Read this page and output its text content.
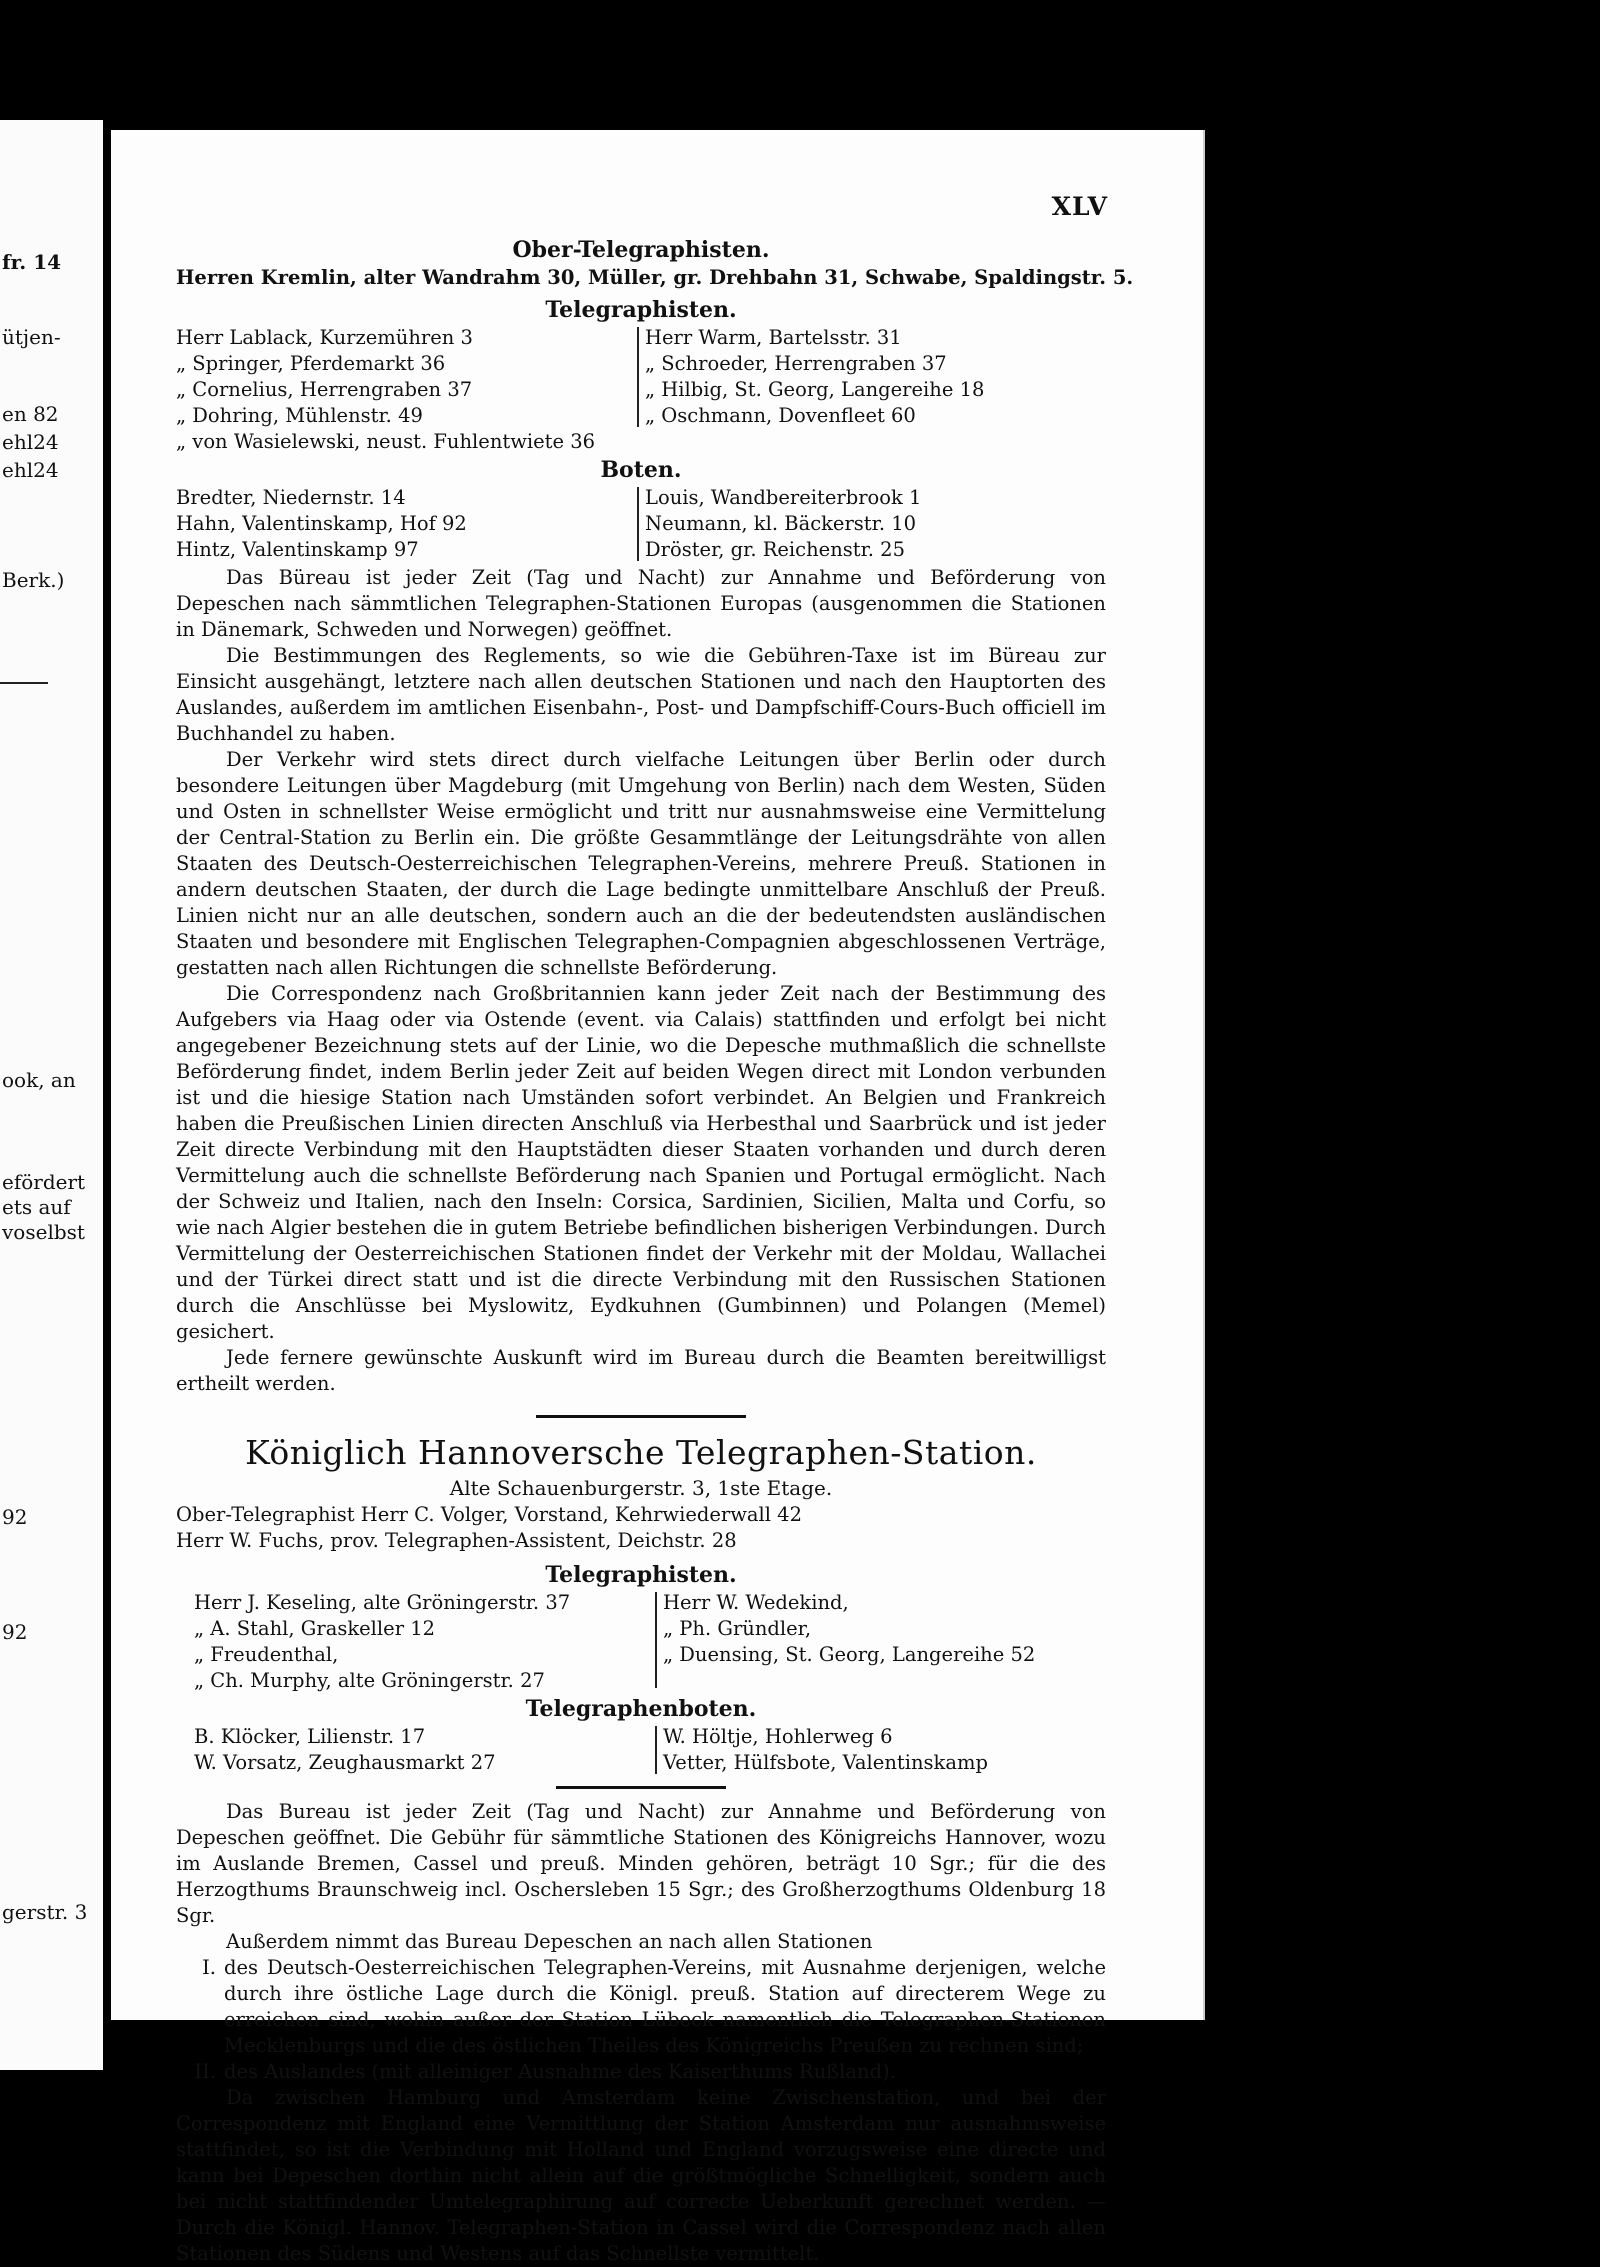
fr. 14
ütjen-
en 82
ehl24
ehl24
Berk.)
ook, an
efördert
ets auf
voselbst
92
92
gerstr. 3
XLV
Ober-Telegraphisten.
Herren Kremlin, alter Wandrahm 30, Müller, gr. Drehbahn 31, Schwabe, Spaldingstr. 5.
Telegraphisten.
Herr Lablack, Kurzemühren 3
„ Springer, Pferdemarkt 36
„ Cornelius, Herrengraben 37
„ Dohring, Mühlenstr. 49
„ von Wasielewski, neust. Fuhlentwiete 36
Herr Warm, Bartelsstr. 31
„ Schroeder, Herrengraben 37
„ Hilbig, St. Georg, Langereihe 18
„ Oschmann, Dovenfleet 60
Boten.
Bredter, Niedernstr. 14
Hahn, Valentinskamp, Hof 92
Hintz, Valentinskamp 97
Louis, Wandbereiterbrook 1
Neumann, kl. Bäckerstr. 10
Dröster, gr. Reichenstr. 25

Das Büreau ist jeder Zeit (Tag und Nacht) zur Annahme und Beförderung von Depeschen nach sämmtlichen Telegraphen-Stationen Europas (ausgenommen die Stationen in Dänemark, Schweden und Norwegen) geöffnet.

Die Bestimmungen des Reglements, so wie die Gebühren-Taxe ist im Büreau zur Einsicht ausgehängt, letztere nach allen deutschen Stationen und nach den Hauptorten des Auslandes, außerdem im amtlichen Eisenbahn-, Post- und Dampfschiff-Cours-Buch officiell im Buchhandel zu haben.

Der Verkehr wird stets direct durch vielfache Leitungen über Berlin oder durch besondere Leitungen über Magdeburg (mit Umgehung von Berlin) nach dem Westen, Süden und Osten in schnellster Weise ermöglicht und tritt nur ausnahmsweise eine Vermittelung der Central-Station zu Berlin ein. Die größte Gesammtlänge der Leitungsdrähte von allen Staaten des Deutsch-Oesterreichischen Telegraphen-Vereins, mehrere Preuß. Stationen in andern deutschen Staaten, der durch die Lage bedingte unmittelbare Anschluß der Preuß. Linien nicht nur an alle deutschen, sondern auch an die der bedeutendsten ausländischen Staaten und besondere mit Englischen Telegraphen-Compagnien abgeschlossenen Verträge, gestatten nach allen Richtungen die schnellste Beförderung.

Die Correspondenz nach Großbritannien kann jeder Zeit nach der Bestimmung des Aufgebers via Haag oder via Ostende (event. via Calais) stattfinden und erfolgt bei nicht angegebener Bezeichnung stets auf der Linie, wo die Depesche muthmaßlich die schnellste Beförderung findet, indem Berlin jeder Zeit auf beiden Wegen direct mit London verbunden ist und die hiesige Station nach Umständen sofort verbindet. An Belgien und Frankreich haben die Preußischen Linien directen Anschluß via Herbesthal und Saarbrück und ist jeder Zeit directe Verbindung mit den Hauptstädten dieser Staaten vorhanden und durch deren Vermittelung auch die schnellste Beförderung nach Spanien und Portugal ermöglicht. Nach der Schweiz und Italien, nach den Inseln: Corsica, Sardinien, Sicilien, Malta und Corfu, so wie nach Algier bestehen die in gutem Betriebe befindlichen bisherigen Verbindungen. Durch Vermittelung der Oesterreichischen Stationen findet der Verkehr mit der Moldau, Wallachei und der Türkei direct statt und ist die directe Verbindung mit den Russischen Stationen durch die Anschlüsse bei Myslowitz, Eydkuhnen (Gumbinnen) und Polangen (Memel) gesichert.

Jede fernere gewünschte Auskunft wird im Bureau durch die Beamten bereitwilligst ertheilt werden.

Königlich Hannoversche Telegraphen-Station.
Alte Schauenburgerstr. 3, 1ste Etage.
Ober-Telegraphist Herr C. Volger, Vorstand, Kehrwiederwall 42
Herr W. Fuchs, prov. Telegraphen-Assistent, Deichstr. 28
Telegraphisten.
Herr J. Keseling, alte Gröningerstr. 37
„ A. Stahl, Graskeller 12
„ Freudenthal,
„ Ch. Murphy, alte Gröningerstr. 27
Herr W. Wedekind,
„ Ph. Gründler,
„ Duensing, St. Georg, Langereihe 52
Telegraphenboten.
B. Klöcker, Lilienstr. 17
W. Vorsatz, Zeughausmarkt 27
W. Höltje, Hohlerweg 6
Vetter, Hülfsbote, Valentinskamp

Das Bureau ist jeder Zeit (Tag und Nacht) zur Annahme und Beförderung von Depeschen geöffnet. Die Gebühr für sämmtliche Stationen des Königreichs Hannover, wozu im Auslande Bremen, Cassel und preuß. Minden gehören, beträgt 10 Sgr.; für die des Herzogthums Braunschweig incl. Oschersleben 15 Sgr.; des Großherzogthums Oldenburg 18 Sgr.

Außerdem nimmt das Bureau Depeschen an nach allen Stationen

I. des Deutsch-Oesterreichischen Telegraphen-Vereins, mit Ausnahme derjenigen, welche durch ihre östliche Lage durch die Königl. preuß. Station auf directerem Wege zu erreichen sind, wohin außer der Station Lübeck namentlich die Telegraphen-Stationen Mecklenburgs und die des östlichen Theiles des Königreichs Preußen zu rechnen sind;
II. des Auslandes (mit alleiniger Ausnahme des Kaiserthums Rußland).

Da zwischen Hamburg und Amsterdam keine Zwischenstation, und bei der Correspondenz mit England eine Vermittlung der Station Amsterdam nur ausnahmsweise stattfindet, so ist die Verbindung mit Holland und England vorzugsweise eine directe und kann bei Depeschen dorthin nicht allein auf die größtmögliche Schnelligkeit, sondern auch bei nicht stattfindender Umtelegraphirung auf correcte Ueberkunft gerechnet werden. — Durch die Königl. Hannov. Telegraphen-Station in Cassel wird die Correspondenz nach allen Stationen des Südens und Westens auf das Schnellste vermittelt.
